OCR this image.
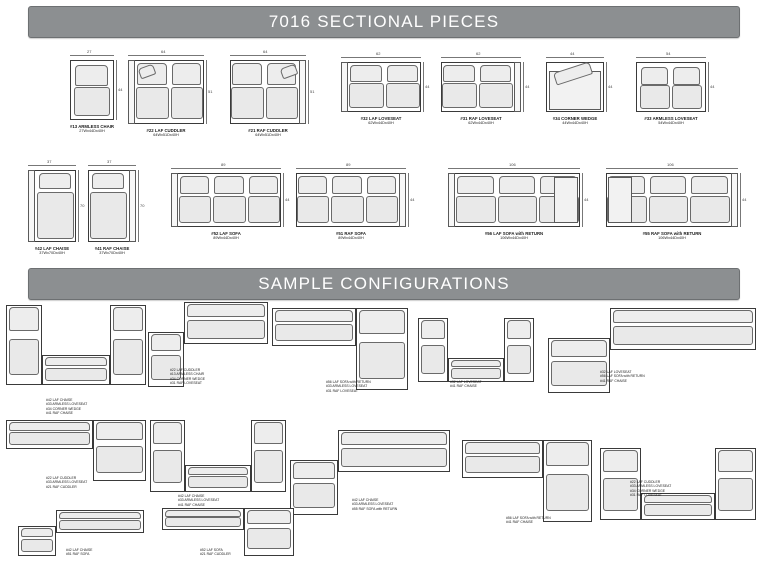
7016 SECTIONAL PIECES
SAMPLE CONFIGURATIONS
27
44
#13 ARMLESS CHAIR
27Wx44Dx40H
64
51
#22 LAF CUDDLER
64Wx51Dx40H
64
51
#21 RAF CUDDLER
64Wx51Dx40H
62
44
#32 LAF LOVESEAT
62Wx44Dx40H
62
44
#31 RAF LOVESEAT
62Wx44Dx40H
44
44
#34 CORNER WEDGE
44Wx44Dx40H
54
44
#33 ARMLESS LOVESEAT
54Wx44Dx40H
37
70
#42 LAF CHAISE
37Wx70Dx40H
37
70
#41 RAF CHAISE
37Wx70Dx40H
89
44
#52 LAF SOFA
89Wx44Dx40H
89
44
#51 RAF SOFA
89Wx44Dx40H
106
44
#56 LAF SOFA with RETURN
106Wx44Dx40H
106
44
#55 RAF SOFA with RETURN
106Wx44Dx40H
#42 LAF CHAISE
#33 ARMLESS LOVESEAT
#34 CORNER WEDGE
#41 RAF CHAISE
#22 LAF CUDDLER
#13 ARMLESS CHAIR
#34 CORNER WEDGE
#31 RAF LOVESEAT	#56 LAF SOFA with RETURN
#33 ARMLESS LOVESEAT
#31 RAF LOVESEAT
#32 LAF LOVESEAT
#41 RAF CHAISE
#32 LAF LOVESEAT
#56 LAF SOFA with RETURN
#41 RAF CHAISE
#22 LAF CUDDLER
#33 ARMLESS LOVESEAT
#21 RAF CUDDLER
#42 LAF CHAISE
#33 ARMLESS LOVESEAT
#41 RAF CHAISE
#42 LAF CHAISE
#33 ARMLESS LOVESEAT
#55 RAF SOFA with RETURN
#56 LAF SOFA with RETURN
#41 RAF CHAISE
#22 LAF CUDDLER
#33 ARMLESS LOVESEAT
#34 CORNER WEDGE
#31 RAF LOVESEAT
#42 LAF CHAISE
#51 RAF SOFA
#52 LAF SOFA
#21 RAF CUDDLER
